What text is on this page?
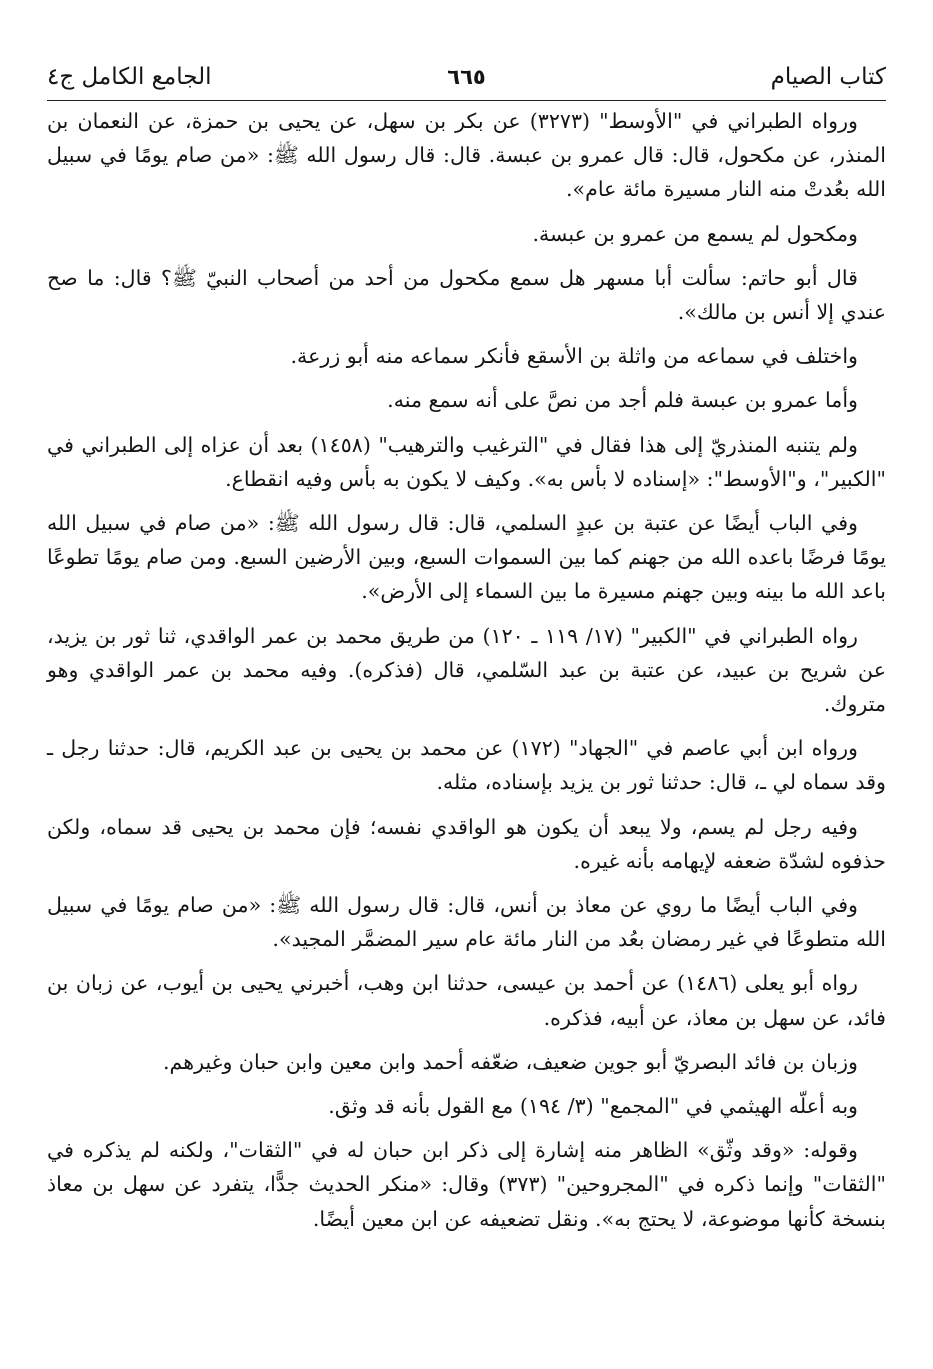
كتاب الصيام
٦٦٥
الجامع الكامل ج٤

ورواه الطبراني في "الأوسط" (٣٢٧٣) عن بكر بن سهل، عن يحيى بن حمزة، عن النعمان بن المنذر، عن مكحول، قال: قال عمرو بن عبسة. قال: قال رسول الله ﷺ: «من صام يومًا في سبيل الله بعُدتْ منه النار مسيرة مائة عام».

ومكحول لم يسمع من عمرو بن عبسة.

قال أبو حاتم: سألت أبا مسهر هل سمع مكحول من أحد من أصحاب النبيّ ﷺ؟ قال: ما صح عندي إلا أنس بن مالك».

واختلف في سماعه من واثلة بن الأسقع فأنكر سماعه منه أبو زرعة.

وأما عمرو بن عبسة فلم أجد من نصَّ على أنه سمع منه.

ولم يتنبه المنذريّ إلى هذا فقال في "الترغيب والترهيب" (١٤٥٨) بعد أن عزاه إلى الطبراني في "الكبير"، و"الأوسط": «إسناده لا بأس به». وكيف لا يكون به بأس وفيه انقطاع.

وفي الباب أيضًا عن عتبة بن عبدٍ السلمي، قال: قال رسول الله ﷺ: «من صام في سبيل الله يومًا فرضًا باعده الله من جهنم كما بين السموات السبع، وبين الأرضين السبع. ومن صام يومًا تطوعًا باعد الله ما بينه وبين جهنم مسيرة ما بين السماء إلى الأرض».

رواه الطبراني في "الكبير" (١٧/ ١١٩ ـ ١٢٠) من طريق محمد بن عمر الواقدي، ثنا ثور بن يزيد، عن شريح بن عبيد، عن عتبة بن عبد السّلمي، قال (فذكره). وفيه محمد بن عمر الواقدي وهو متروك.

ورواه ابن أبي عاصم في "الجهاد" (١٧٢) عن محمد بن يحيى بن عبد الكريم، قال: حدثنا رجل ـ وقد سماه لي ـ، قال: حدثنا ثور بن يزيد بإسناده، مثله.

وفيه رجل لم يسم، ولا يبعد أن يكون هو الواقدي نفسه؛ فإن محمد بن يحيى قد سماه، ولكن حذفوه لشدّة ضعفه لإيهامه بأنه غيره.

وفي الباب أيضًا ما روي عن معاذ بن أنس، قال: قال رسول الله ﷺ: «من صام يومًا في سبيل الله متطوعًا في غير رمضان بعُد من النار مائة عام سير المضمَّر المجيد».

رواه أبو يعلى (١٤٨٦) عن أحمد بن عيسى، حدثنا ابن وهب، أخبرني يحيى بن أيوب، عن زبان بن فائد، عن سهل بن معاذ، عن أبيه، فذكره.

وزبان بن فائد البصريّ أبو جوين ضعيف، ضعّفه أحمد وابن معين وابن حبان وغيرهم.

وبه أعلّه الهيثمي في "المجمع" (٣/ ١٩٤) مع القول بأنه قد وثق.

وقوله: «وقد وثّق» الظاهر منه إشارة إلى ذكر ابن حبان له في "الثقات"، ولكنه لم يذكره في "الثقات" وإنما ذكره في "المجروحين" (٣٧٣) وقال: «منكر الحديث جدًّا، يتفرد عن سهل بن معاذ بنسخة كأنها موضوعة، لا يحتج به». ونقل تضعيفه عن ابن معين أيضًا.
